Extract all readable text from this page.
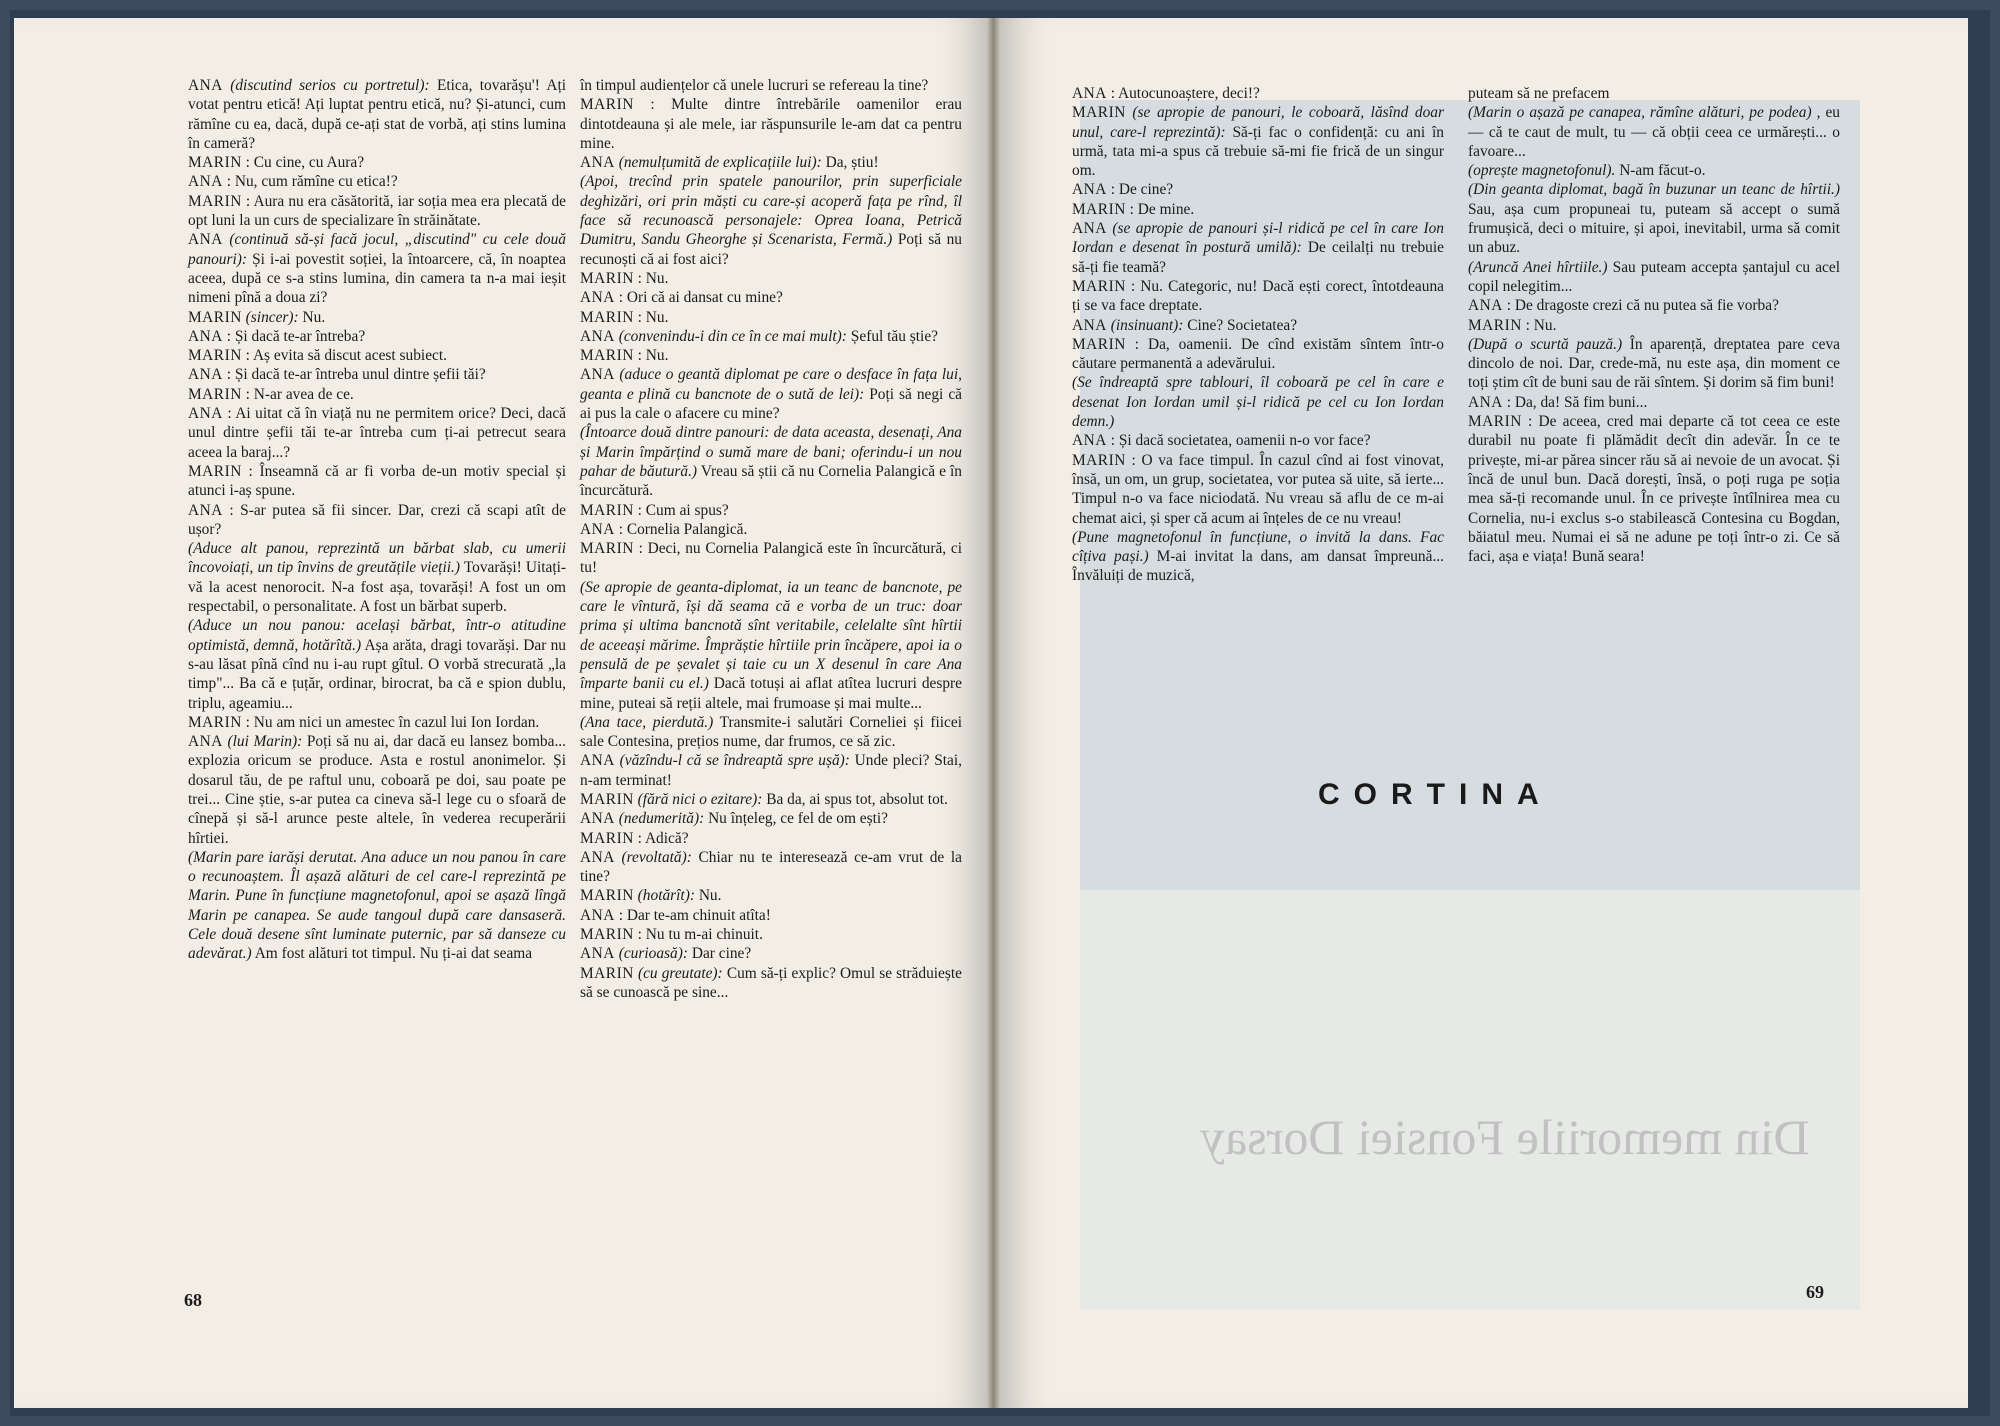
ANA (discutind serios cu portretul): Etica, tovarășu'! Ați votat pentru etică! Ați luptat pentru etică, nu? Și-atunci, cum rămîne cu ea, dacă, după ce-ați stat de vorbă, ați stins lumina în cameră?

MARIN : Cu cine, cu Aura?

ANA : Nu, cum rămîne cu etica!?

MARIN : Aura nu era căsătorită, iar soția mea era plecată de opt luni la un curs de specializare în străinătate.

ANA (continuă să-și facă jocul, „discutind" cu cele două panouri): Și i-ai povestit soției, la întoarcere, că, în noaptea aceea, după ce s-a stins lumina, din camera ta n-a mai ieșit nimeni pînă a doua zi?

MARIN (sincer): Nu.

ANA : Și dacă te-ar întreba?

MARIN : Aș evita să discut acest subiect.

ANA : Și dacă te-ar întreba unul dintre șefii tăi?

MARIN : N-ar avea de ce.

ANA : Ai uitat că în viață nu ne permitem orice? Deci, dacă unul dintre șefii tăi te-ar întreba cum ți-ai petrecut seara aceea la baraj...?

MARIN : Înseamnă că ar fi vorba de-un motiv special și atunci i-aș spune.

ANA : S-ar putea să fii sincer. Dar, crezi că scapi atît de ușor?

(Aduce alt panou, reprezintă un bărbat slab, cu umerii încovoiați, un tip învins de greutățile vieții.) Tovarăși! Uitați-vă la acest nenorocit. N-a fost așa, tovarăși! A fost un om respectabil, o personalitate. A fost un bărbat superb.

(Aduce un nou panou: același bărbat, într-o atitudine optimistă, demnă, hotărîtă.) Așa arăta, dragi tovarăși. Dar nu s-au lăsat pînă cînd nu i-au rupt gîtul. O vorbă strecurată „la timp"... Ba că e țuțăr, ordinar, birocrat, ba că e spion dublu, triplu, ageamiu...

MARIN : Nu am nici un amestec în cazul lui Ion Iordan.

ANA (lui Marin): Poți să nu ai, dar dacă eu lansez bomba... explozia oricum se produce. Asta e rostul anonimelor. Și dosarul tău, de pe raftul unu, coboară pe doi, sau poate pe trei... Cine știe, s-ar putea ca cineva să-l lege cu o sfoară de cînepă și să-l arunce peste altele, în vederea recuperării hîrtiei.

(Marin pare iarăși derutat. Ana aduce un nou panou în care o recunoaștem. Îl așază alături de cel care-l reprezintă pe Marin. Pune în funcțiune magnetofonul, apoi se așază lîngă Marin pe canapea. Se aude tangoul după care dansaseră. Cele două desene sînt luminate puternic, par să danseze cu adevărat.) Am fost alături tot timpul. Nu ți-ai dat seama

în timpul audiențelor că unele lucruri se refereau la tine?

MARIN : Multe dintre întrebările oamenilor erau dintotdeauna și ale mele, iar răspunsurile le-am dat ca pentru mine.

ANA (nemulțumită de explicațiile lui): Da, știu!

(Apoi, trecînd prin spatele panourilor, prin superficiale deghizări, ori prin măști cu care-și acoperă fața pe rînd, îl face să recunoască personajele: Oprea Ioana, Petrică Dumitru, Sandu Gheorghe și Scenaristа, Fermă.) Poți să nu recunoști că ai fost aici?

MARIN : Nu.

ANA : Ori că ai dansat cu mine?

MARIN : Nu.

ANA (convenindu-i din ce în ce mai mult): Șeful tău știe?

MARIN : Nu.

ANA (aduce o geantă diplomat pe care o desface în fața lui, geanta e plină cu bancnote de o sută de lei): Poți să negi că ai pus la cale o afacere cu mine?

(Întoarce două dintre panouri: de data aceasta, desenați, Ana și Marin împărțind o sumă mare de bani; oferindu-i un nou pahar de băutură.) Vreau să știi că nu Cornelia Palangică e în încurcătură.

MARIN : Cum ai spus?

ANA : Cornelia Palangică.

MARIN : Deci, nu Cornelia Palangică este în încurcătură, ci tu!

(Se apropie de geanta-diplomat, ia un teanc de bancnote, pe care le vîntură, își dă seama că e vorba de un truc: doar prima și ultima bancnotă sînt veritabile, celelalte sînt hîrtii de aceeași mărime. Împrăștie hîrtiile prin încăpere, apoi ia o pensulă de pe șevalet și taie cu un X desenul în care Ana împarte banii cu el.) Dacă totuși ai aflat atîtea lucruri despre mine, puteai să reții altele, mai frumoase și mai multe...

(Ana tace, pierdută.) Transmite-i salutări Corneliei și fiicei sale Contesina, prețios nume, dar frumos, ce să zic.

ANA (văzîndu-l că se îndreaptă spre ușă): Unde pleci? Stai, n-am terminat!

MARIN (fără nici o ezitare): Ba da, ai spus tot, absolut tot.

ANA (nedumerită): Nu înțeleg, ce fel de om ești?

MARIN : Adică?

ANA (revoltată): Chiar nu te interesează ce-am vrut de la tine?

MARIN (hotărît): Nu.

ANA : Dar te-am chinuit atîta!

MARIN : Nu tu m-ai chinuit.

ANA (curioasă): Dar cine?

MARIN (cu greutate): Cum să-ți explic? Omul se străduiește să se cunoască pe sine...

68
Din memoriile Fonsiei Dorsay

ANA : Autocunoaștere, deci!?

MARIN (se apropie de panouri, le coboară, lăsînd doar unul, care-l reprezintă): Să-ți fac o confidență: cu ani în urmă, tata mi-a spus că trebuie să-mi fie frică de un singur om.

ANA : De cine?

MARIN : De mine.

ANA (se apropie de panouri și-l ridică pe cel în care Ion Iordan e desenat în postură umilă): De ceilalți nu trebuie să-ți fie teamă?

MARIN : Nu. Categoric, nu! Dacă ești corect, întotdeauna ți se va face dreptate.

ANA (insinuant): Cine? Societatea?

MARIN : Da, oamenii. De cînd existăm sîntem într-o căutare permanentă a adevărului.

(Se îndreaptă spre tablouri, îl coboară pe cel în care e desenat Ion Iordan umil și-l ridică pe cel cu Ion Iordan demn.)

ANA : Și dacă societatea, oamenii n-o vor face?

MARIN : O va face timpul. În cazul cînd ai fost vinovat, însă, un om, un grup, societatea, vor putea să uite, să ierte... Timpul n-o va face niciodată. Nu vreau să aflu de ce m-ai chemat aici, și sper că acum ai înțeles de ce nu vreau!

(Pune magnetofonul în funcțiune, o invită la dans. Fac cîțiva pași.) M-ai invitat la dans, am dansat împreună... Învăluiți de muzică,

puteam să ne prefacem

(Marin o așază pe canapea, rămîne alături, pe podea) , eu — că te caut de mult, tu — că obții ceea ce urmărești... o favoare...

(oprește magnetofonul). N-am făcut-o.

(Din geanta diplomat, bagă în buzunar un teanc de hîrtii.) Sau, așa cum propuneai tu, puteam să accept o sumă frumușică, deci o mituire, și apoi, inevitabil, urma să comit un abuz.

(Aruncă Anei hîrtiile.) Sau puteam accepta șantajul cu acel copil nelegitim...

ANA : De dragoste crezi că nu putea să fie vorba?

MARIN : Nu.

(După o scurtă pauză.) În aparență, dreptatea pare ceva dincolo de noi. Dar, crede-mă, nu este așa, din moment ce toți știm cît de buni sau de răi sîntem. Și dorim să fim buni!

ANA : Da, da! Să fim buni...

MARIN : De aceea, cred mai departe că tot ceea ce este durabil nu poate fi plămădit decît din adevăr. În ce te privește, mi-ar părea sincer rău să ai nevoie de un avocat. Și încă de unul bun. Dacă dorești, însă, o poți ruga pe soția mea să-ți recomande unul. În ce privește întîlnirea mea cu Cornelia, nu-i exclus s-o stabilească Contesina cu Bogdan, băiatul meu. Numai ei să ne adune pe toți într-o zi. Ce să faci, așa e viața! Bună seara!

CORTINA
69
